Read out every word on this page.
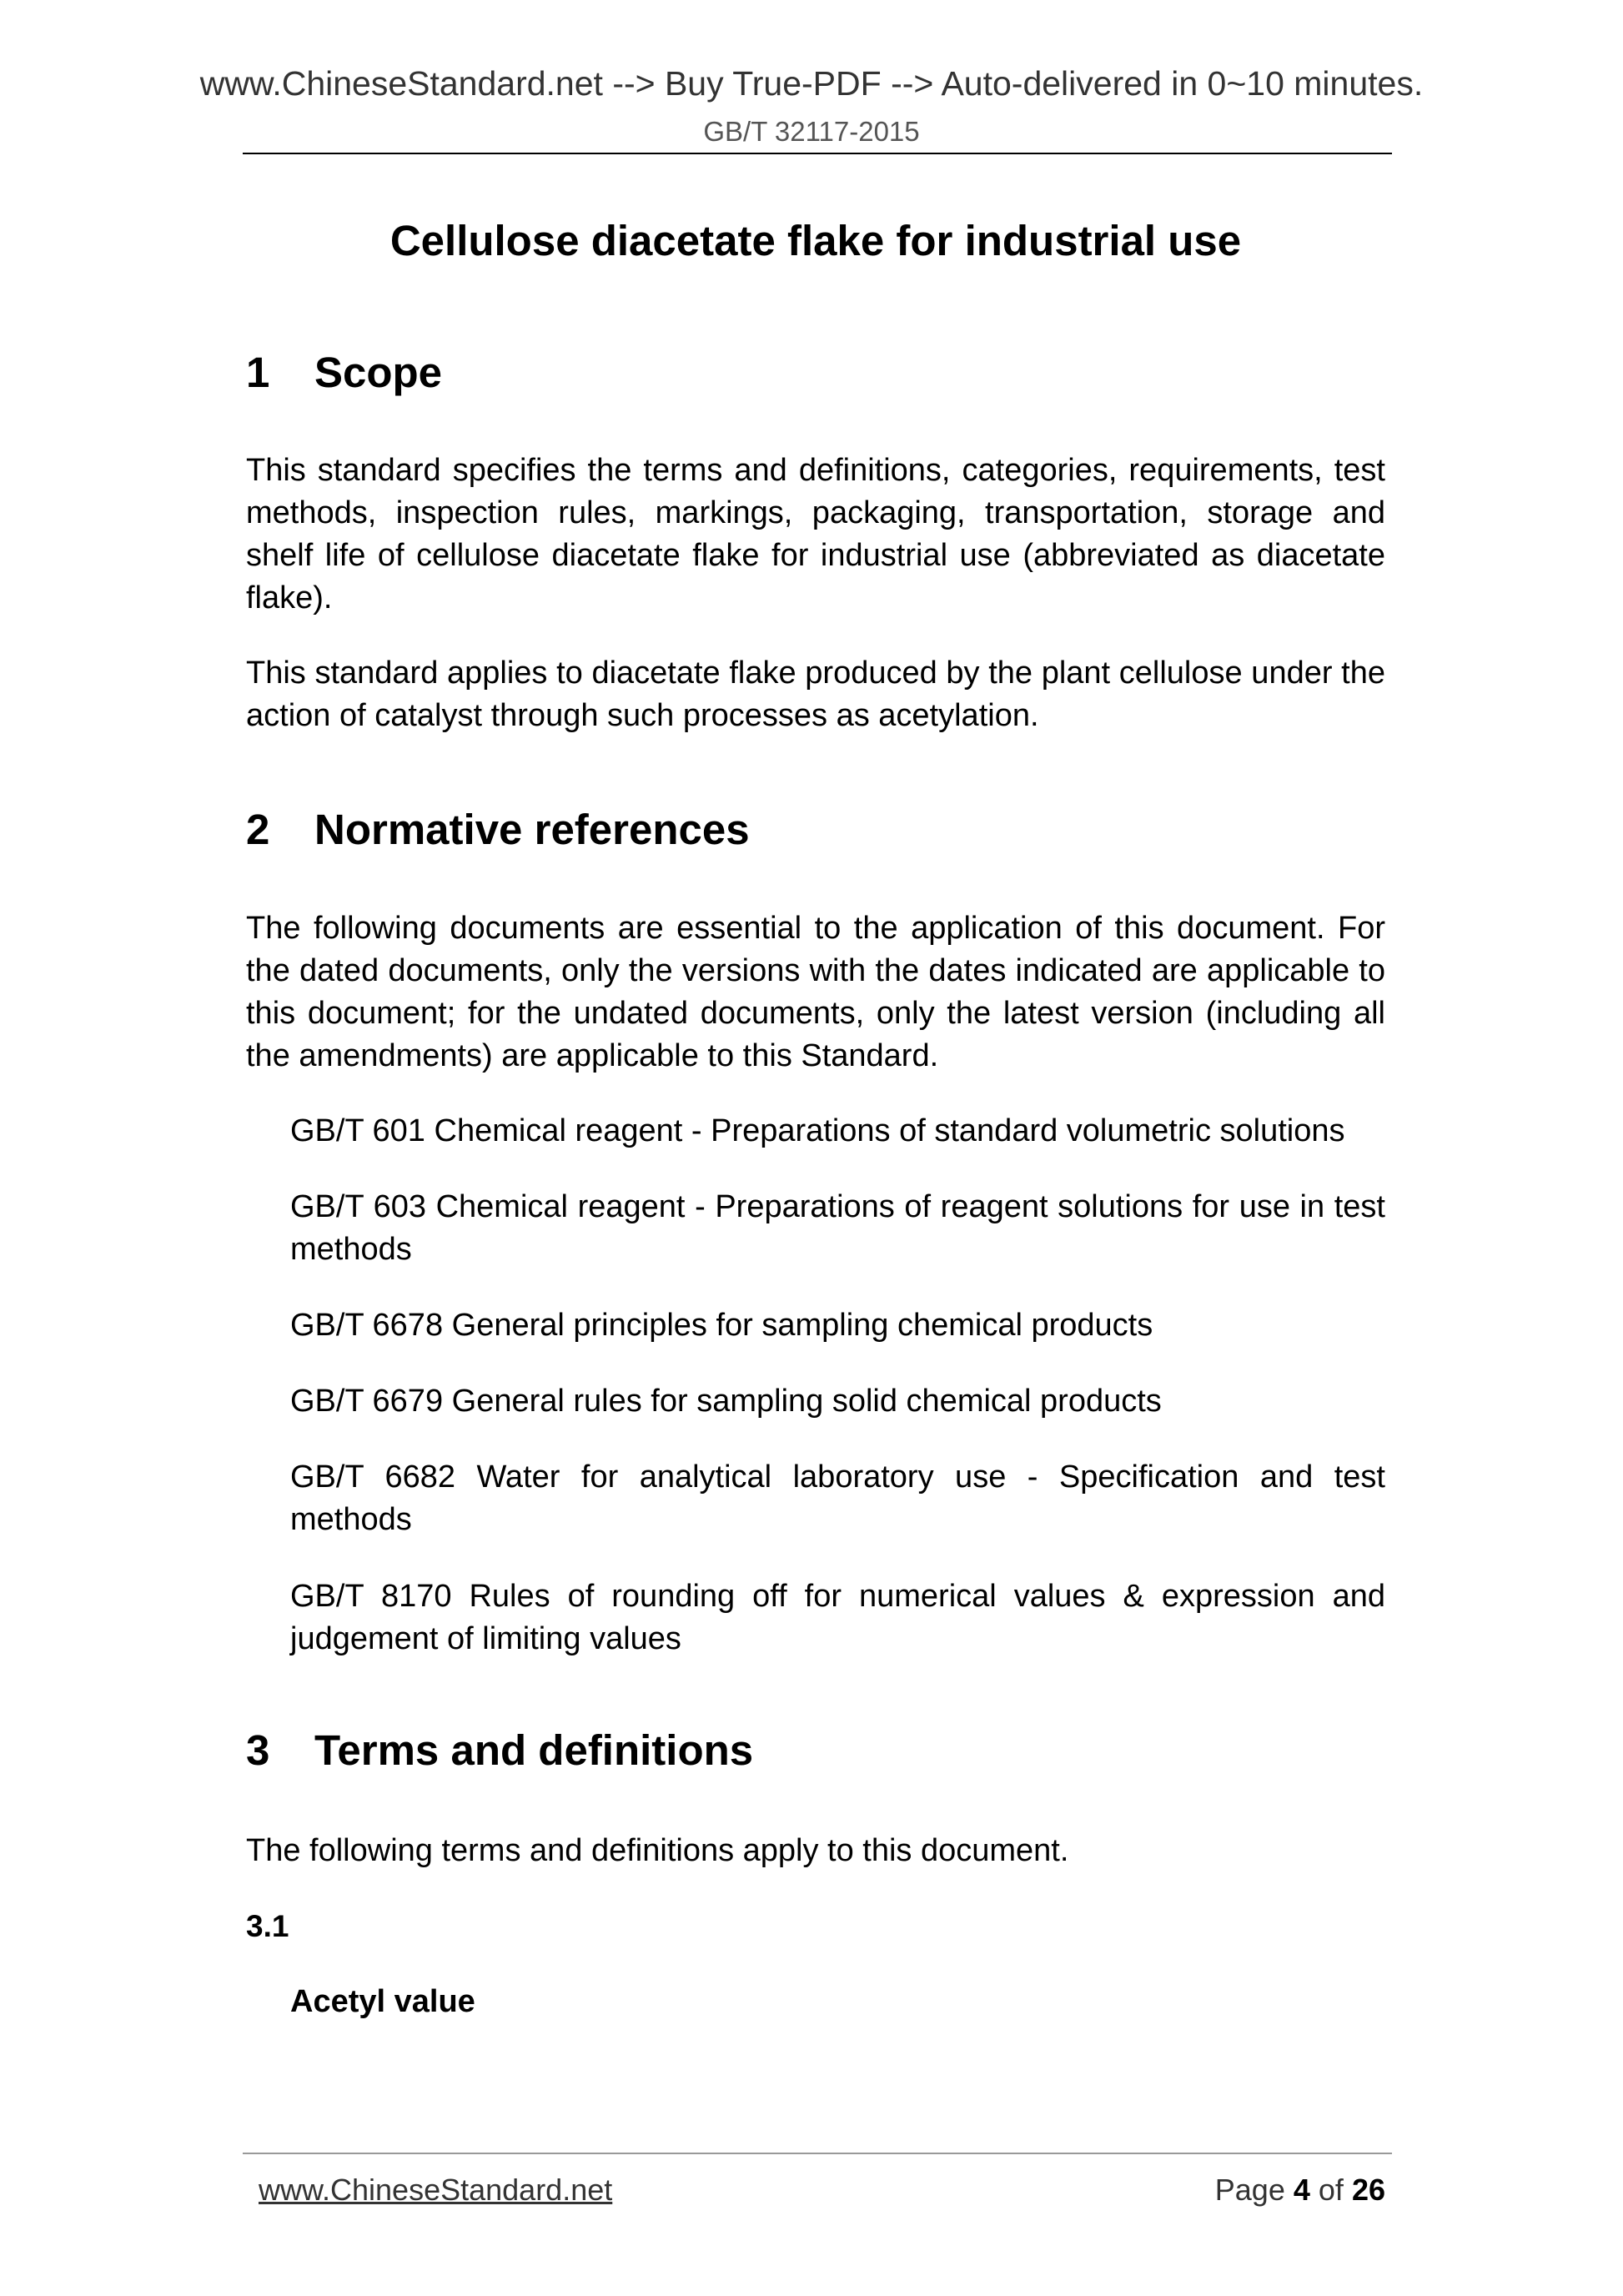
www.ChineseStandard.net --> Buy True-PDF --> Auto-delivered in 0~10 minutes.
GB/T 32117-2015
Cellulose diacetate flake for industrial use
1 Scope
This standard specifies the terms and definitions, categories, requirements, test methods, inspection rules, markings, packaging, transportation, storage and shelf life of cellulose diacetate flake for industrial use (abbreviated as diacetate flake).
This standard applies to diacetate flake produced by the plant cellulose under the action of catalyst through such processes as acetylation.
2 Normative references
The following documents are essential to the application of this document. For the dated documents, only the versions with the dates indicated are applicable to this document; for the undated documents, only the latest version (including all the amendments) are applicable to this Standard.
GB/T 601 Chemical reagent - Preparations of standard volumetric solutions
GB/T 603 Chemical reagent - Preparations of reagent solutions for use in test methods
GB/T 6678 General principles for sampling chemical products
GB/T 6679 General rules for sampling solid chemical products
GB/T 6682 Water for analytical laboratory use - Specification and test methods
GB/T 8170 Rules of rounding off for numerical values & expression and judgement of limiting values
3 Terms and definitions
The following terms and definitions apply to this document.
3.1
Acetyl value
www.ChineseStandard.net	Page 4 of 26
